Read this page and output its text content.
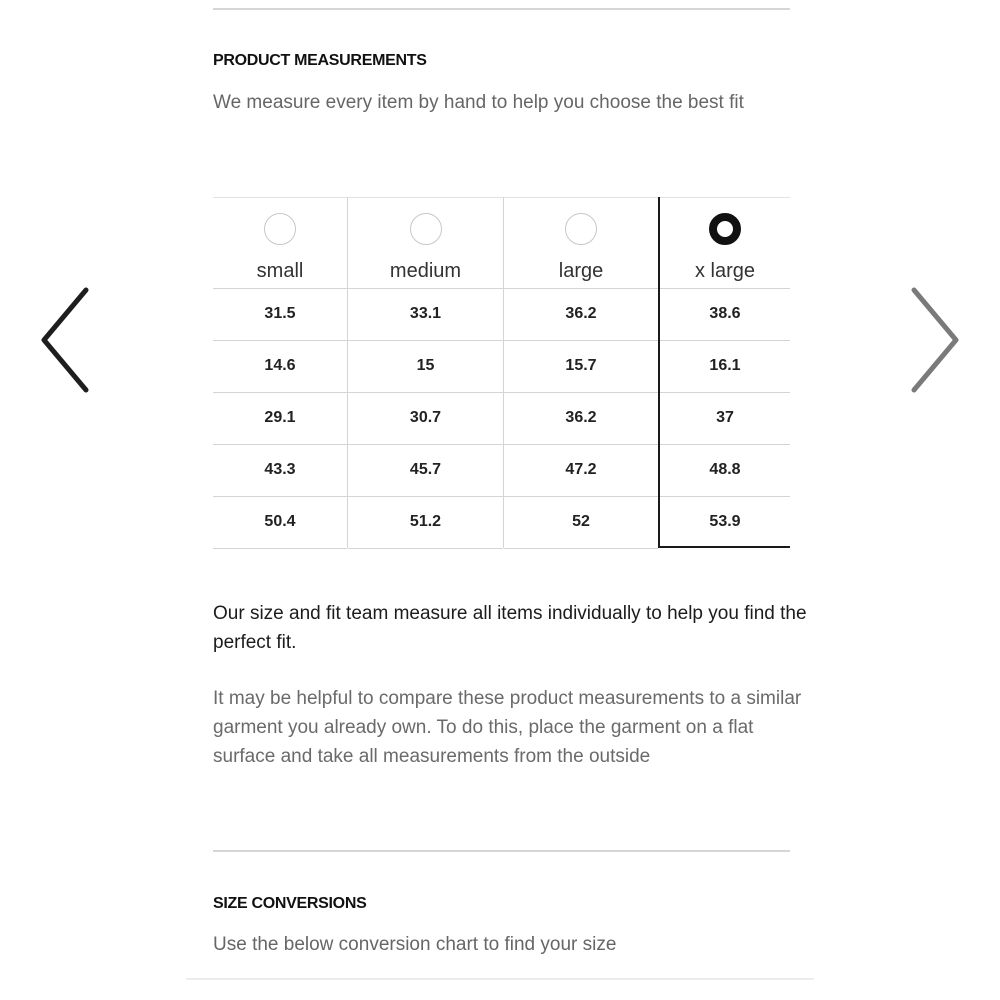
PRODUCT MEASUREMENTS
We measure every item by hand to help you choose the best fit
small
31.5
14.6
29.1
43.3
50.4
medium
33.1
15
30.7
45.7
51.2
large
36.2
15.7
36.2
47.2
52
x large
38.6
16.1
37
48.8
53.9
Our size and fit team measure all items individually to help you find the perfect fit.
It may be helpful to compare these product measurements to a similar garment you already own. To do this, place the garment on a flat surface and take all measurements from the outside
SIZE CONVERSIONS
Use the below conversion chart to find your size
